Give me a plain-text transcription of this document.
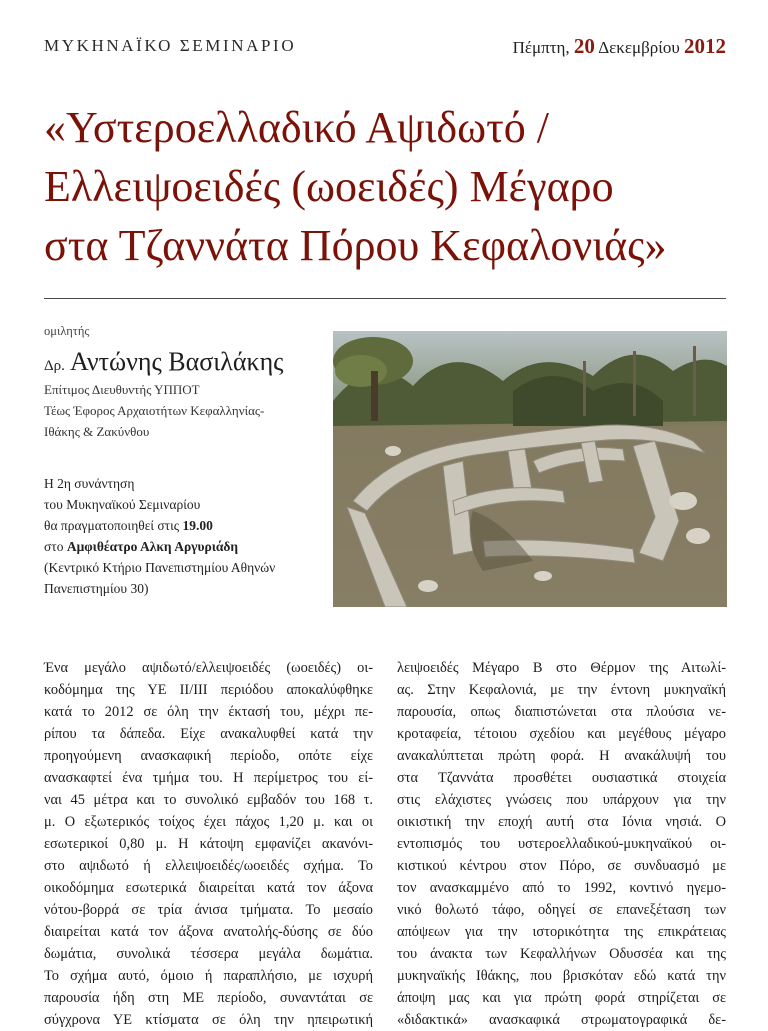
ΜΥΚΗΝΑΪΚΟ ΣΕΜΙΝΑΡΙΟ	Πέμπτη, 20 Δεκεμβρίου 2012
«Υστεροελλαδικό Αψιδωτό /
Ελλειψοειδές (ωοειδές) Μέγαρο
στα Τζαννάτα Πόρου Κεφαλονιάς»
ομιλητής
Δρ. Αντώνης Βασιλάκης
Επίτιμος Διευθυντής ΥΠΠΟΤ
Τέως Έφορος Αρχαιοτήτων Κεφαλληνίας-
Ιθάκης & Ζακύνθου
Η 2η συνάντηση
του Μυκηναϊκού Σεμιναρίου
θα πραγματοποιηθεί στις 19.00
στο Αμφιθέατρο Αλκη Αργυριάδη
(Κεντρικό Κτήριο Πανεπιστημίου Αθηνών
Πανεπιστημίου 30)

Ένα μεγάλο αψιδωτό/ελλειψοειδές (ωοειδές) οι-
κοδόμημα της ΥΕ ΙΙ/ΙΙΙ περιόδου αποκαλύφθηκε
κατά το 2012 σε όλη την έκτασή του, μέχρι πε-
ρίπου τα δάπεδα. Είχε ανακαλυφθεί κατά την
προηγούμενη ανασκαφική περίοδο, οπότε είχε
ανασκαφτεί ένα τμήμα του. Η περίμετρος του εί-
ναι 45 μέτρα και το συνολικό εμβαδόν του 168 τ.
μ. Ο εξωτερικός τοίχος έχει πάχος 1,20 μ. και οι
εσωτερικοί 0,80 μ. Η κάτοψη εμφανίζει ακανόνι-
στο αψιδωτό ή ελλειψοειδές/ωοειδές σχήμα. Το
οικοδόμημα εσωτερικά διαιρείται κατά τον άξονα
νότου-βορρά σε τρία άνισα τμήματα. Το μεσαίο
διαιρείται κατά τον άξονα ανατολής-δύσης σε δύο
δωμάτια, συνολικά τέσσερα μεγάλα δωμάτια.
Το σχήμα αυτό, όμοιο ή παραπλήσιο, με ισχυρή
παρουσία ήδη στη ΜΕ περίοδο, συναντάται σε
σύγχρονα ΥΕ κτίσματα σε όλη την ηπειρωτική

λειψοειδές Μέγαρο Β στο Θέρμον της Αιτωλί-
ας. Στην Κεφαλονιά, με την έντονη μυκηναϊκή
παρουσία, οπως διαπιστώνεται στα πλούσια νε-
κροταφεία, τέτοιου σχεδίου και μεγέθους μέγαρο
ανακαλύπτεται πρώτη φορά. Η ανακάλυψή του
στα Τζαννάτα προσθέτει ουσιαστικά στοιχεία
στις ελάχιστες γνώσεις που υπάρχουν για την
οικιστική την εποχή αυτή στα Ιόνια νησιά. Ο
εντοπισμός του υστεροελλαδικού-μυκηναϊκού οι-
κιστικού κέντρου στον Πόρο, σε συνδυασμό με
τον ανασκαμμένο από το 1992, κοντινό ηγεμο-
νικό θολωτό τάφο, οδηγεί σε επανεξέταση των
απόψεων για την ιστορικότητα της επικράτειας
του άνακτα των Κεφαλλήνων Οδυσσέα και της
μυκηναϊκής Ιθάκης, που βρισκόταν εδώ κατά την
άποψη μας και για πρώτη φορά στηρίζεται σε
«διδακτικά» ανασκαφικά στρωματογραφικά δε-
